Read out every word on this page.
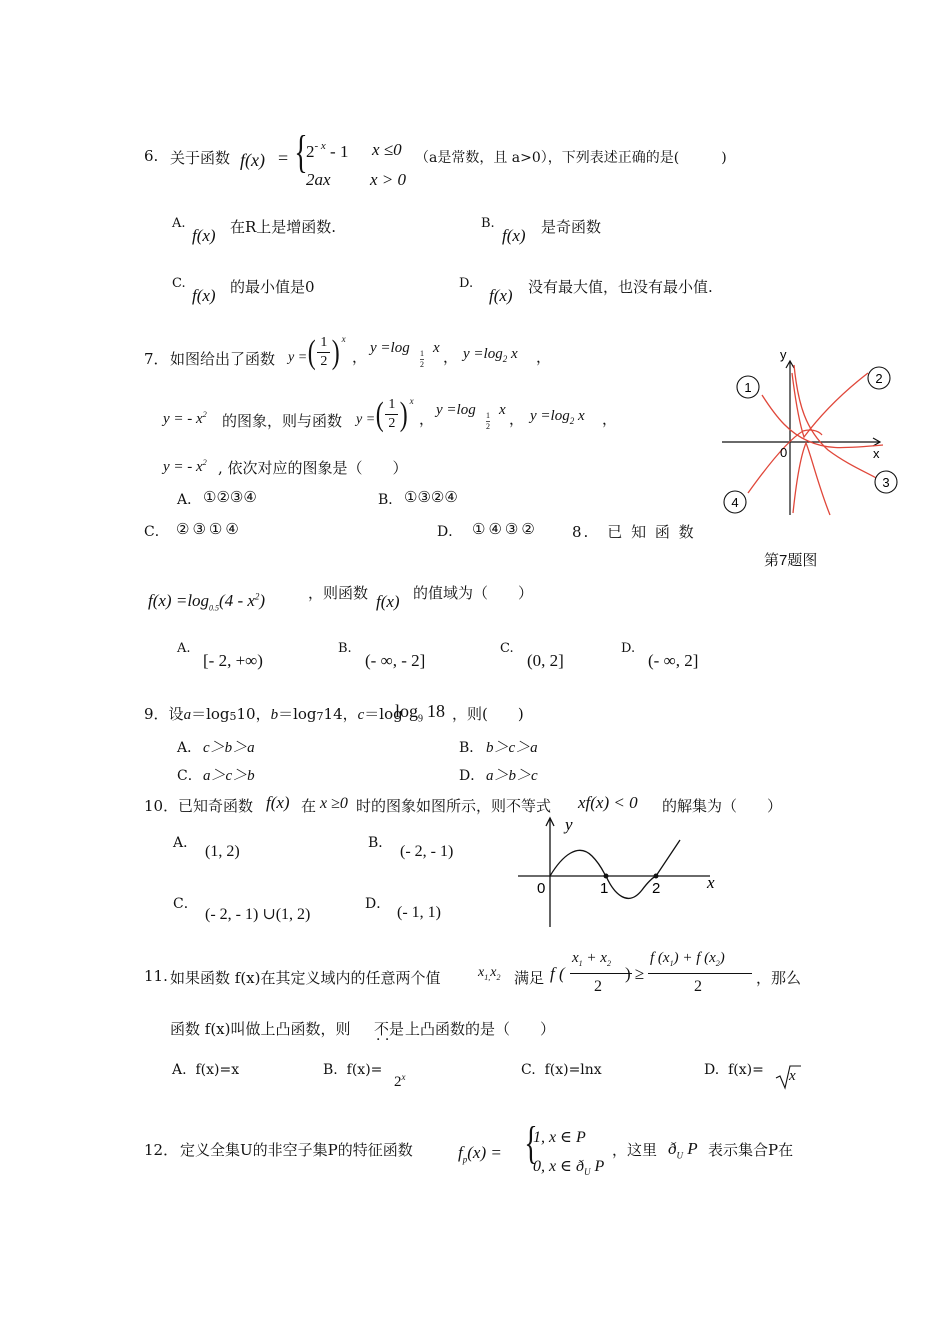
6. 关于函数 f(x) = {
$2^{- x} - 1$ x ≤0
2ax x > 0
（a是常数，且 a>0），下列表述正确的是(　　　)
A.
f(x) 在R上是增函数.	B.
f(x) 是奇函数
C.
f(x) 的最小值是0	D.
f(x) 没有最大值，也没有最小值.
7． 如图给出了函数 y = ( $\frac{1}{2}$ ) $^x$
， y =log 1
2
x ， $y =\log_2$ x ，
y = - $x^2$ 的图象，则与函数 y = ( $\frac{1}{2}$ ) $^x$
， y =log 1
2
x ， $y =\log_2$ x ，
y = - $x^2$ , 依次对应的图象是（　　）
A． ①②③④	B． ①③②④
C． ②③①④	D． ①④③②
0	x
y
1
2
3
4
第7题图
8.　已 知 函 数
$f(x) =\log_{0.5}(4 - x^2)$	，则函数 f(x) 的值域为（　　）
A.
[- 2, +∞)
B.
(- ∞, - 2]
C.
(0, 2]
D.
(- ∞, 2]
9．设$a=\log_510$，$b=\log_714$，c＝log
$\log_9 18$ ，则(　　)
A． c＞b＞a	B． b＞c＞a
C． a＞c＞b	D． a＞b＞c
10． 已知奇函数 f(x) 在 x ≥0 时的图象如图所示，则不等式 xf(x) < 0 的解集为（　　）
A． (1, 2)	B． (- 2, - 1)
C．
(- 2, - 1) ∪(1, 2)
D． (- 1, 1)
0	1	2	x
y
11. 如果函数 f(x)在其定义域内的任意两个值	$x_{1,}x_2$ 满足 f (
$x_1 + x_2$
2
) ≥
f $(x_1) + f$ $(x_2)$
2	，那么
函数 f(x)叫做上凸函数，则 不是 · · 上凸函数的是（　　）
A. f(x)=x	B. f(x)=
$2^x$	C. f(x)=lnx	D. f(x)= x
12． 定义全集U的非空子集P的特征函数	$f_p(x)$ = {
1, x ∈ P
0, x ∈ $ð_U$ P
，这里 $ð_U$ P 表示集合P在
